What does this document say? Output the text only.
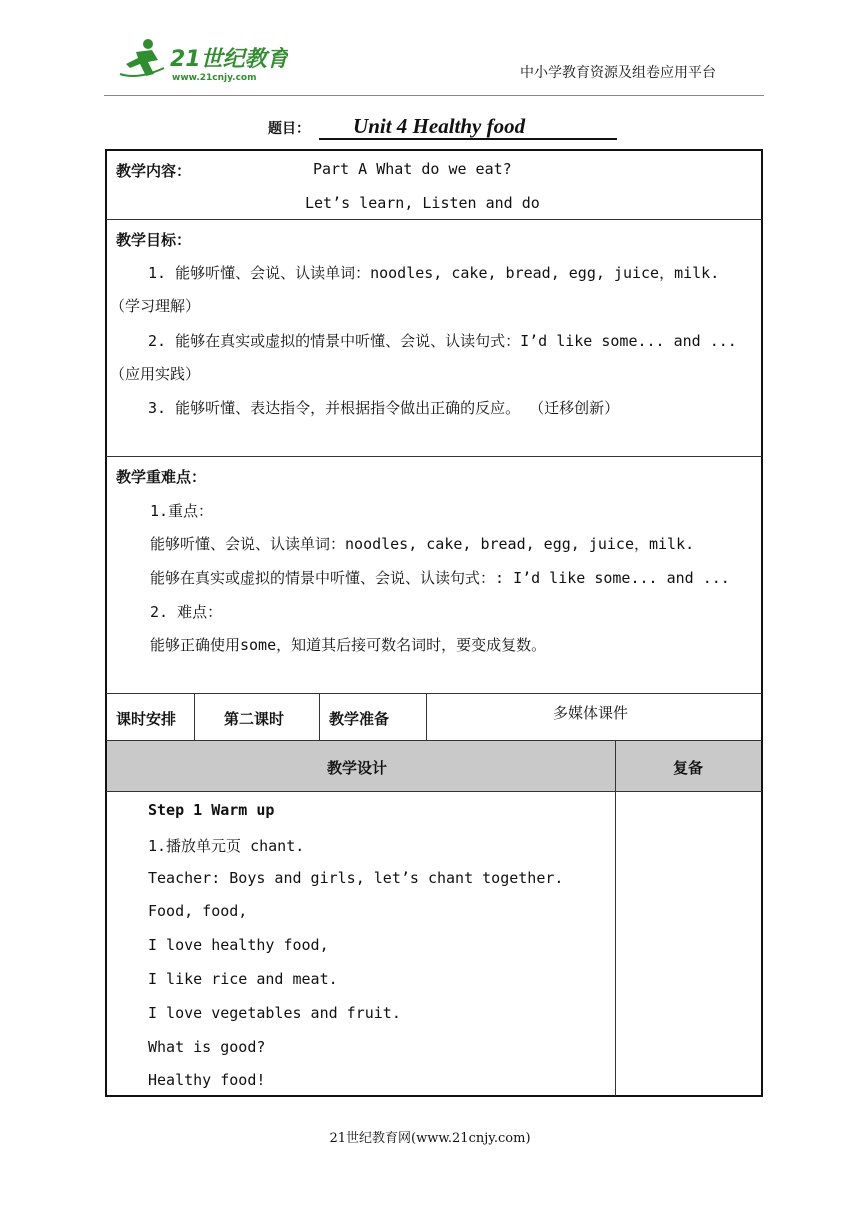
21世纪教育
www.21cnjy.com	中小学教育资源及组卷应用平台
题目： Unit 4 Healthy food
教学内容：	Part A What do we eat?
Let’s learn, Listen and do
教学目标：
1. 能够听懂、会说、认读单词：noodles, cake, bread, egg, juice，milk.
（学习理解）
2. 能够在真实或虚拟的情景中听懂、会说、认读句式：I’d like some... and ...
（应用实践）
3. 能够听懂、表达指令，并根据指令做出正确的反应。 （迁移创新）
教学重难点：
1.重点：
能够听懂、会说、认读单词：noodles, cake, bread, egg, juice，milk.
能够在真实或虚拟的情景中听懂、会说、认读句式：: I’d like some... and ...
2. 难点：
能够正确使用some，知道其后接可数名词时，要变成复数。
课时安排	第二课时	教学准备	多媒体课件
教学设计	复备
Step 1 Warm up
1.播放单元页 chant.
Teacher: Boys and girls, let’s chant together.
Food, food,
I love healthy food,
I like rice and meat.
I love vegetables and fruit.
What is good?
Healthy food!
21世纪教育网(www.21cnjy.com)
